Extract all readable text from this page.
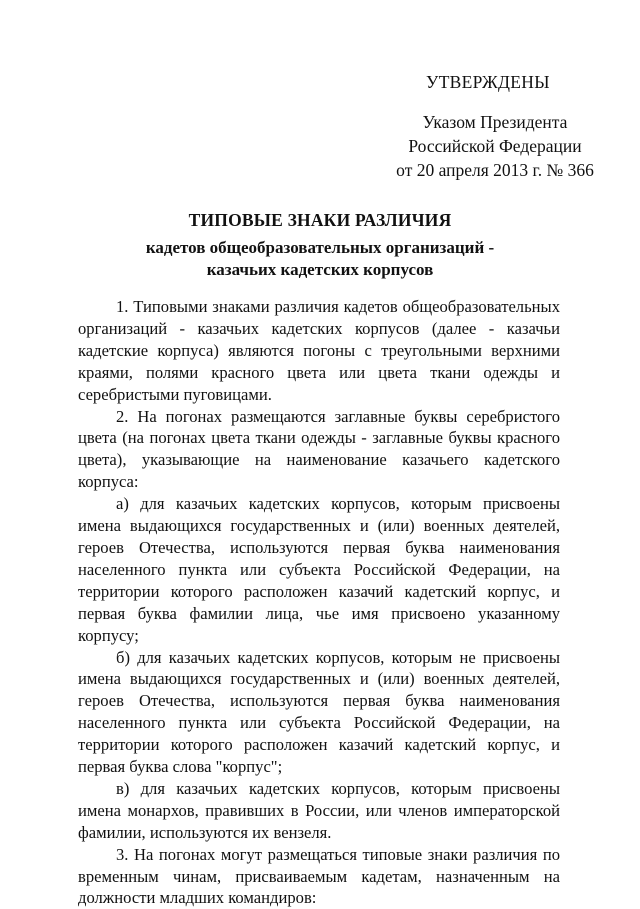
УТВЕРЖДЕНЫ
Указом Президента
Российской Федерации
от 20 апреля 2013 г. № 366
ТИПОВЫЕ ЗНАКИ РАЗЛИЧИЯ
кадетов общеобразовательных организаций -
казачьих кадетских корпусов

1. Типовыми знаками различия кадетов общеобразовательных организаций - казачьих кадетских корпусов (далее - казачьи кадетские корпуса) являются погоны с треугольными верхними краями, полями красного цвета или цвета ткани одежды и серебристыми пуговицами.

2. На погонах размещаются заглавные буквы серебристого цвета (на погонах цвета ткани одежды - заглавные буквы красного цвета), указывающие на наименование казачьего кадетского корпуса:

а) для казачьих кадетских корпусов, которым присвоены имена выдающихся государственных и (или) военных деятелей, героев Отечества, используются первая буква наименования населенного пункта или субъекта Российской Федерации, на территории которого расположен казачий кадетский корпус, и первая буква фамилии лица, чье имя присвоено указанному корпусу;

б) для казачьих кадетских корпусов, которым не присвоены имена выдающихся государственных и (или) военных деятелей, героев Отечества, используются первая буква наименования населенного пункта или субъекта Российской Федерации, на территории которого расположен казачий кадетский корпус, и первая буква слова "корпус";

в) для казачьих кадетских корпусов, которым присвоены имена монархов, правивших в России, или членов императорской фамилии, используются их вензеля.

3. На погонах могут размещаться типовые знаки различия по временным чинам, присваиваемым кадетам, назначенным на должности младших командиров:
